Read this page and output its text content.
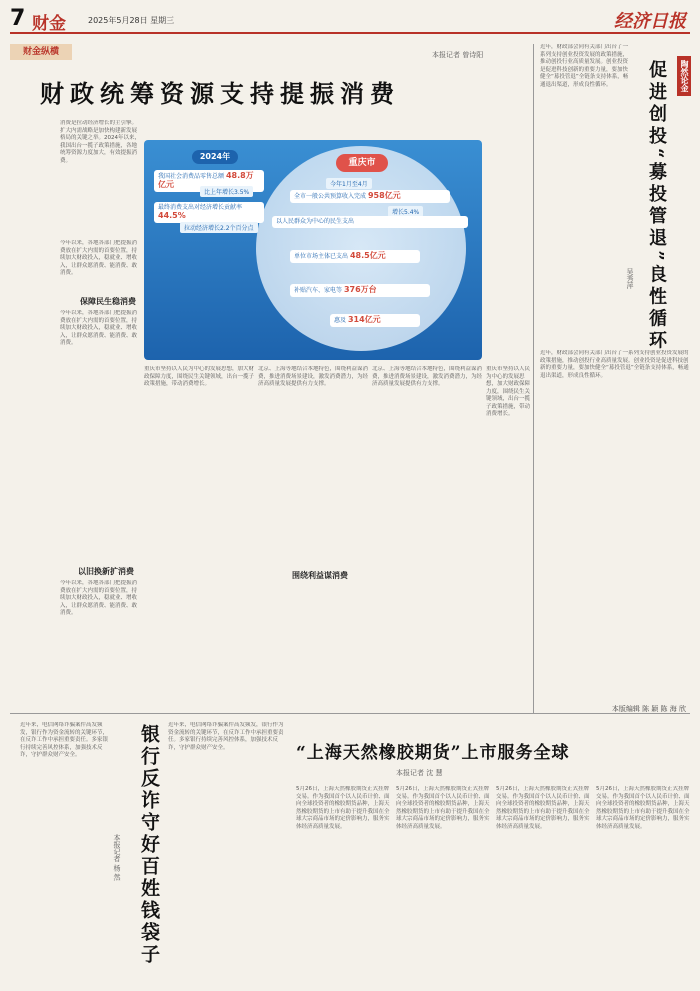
7 财金	2025年5月28日 星期三	经济日报
财金纵横	本报记者 曾诗阳
财政统筹资源支持提振消费

消费是拉动经济增长的主引擎。扩大内需战略是加快构建新发展格局的关键之举。2024年以来，我国出台一揽子政策措施，各地统筹资源力度加大，有效提振消费。	2024年
重庆市
我国社会消费品零售总额 48.8万亿元
比上年增长3.5%
最终消费支出对经济增长贡献率 44.5%
拉动经济增长2.2个百分点
今年1月至4月
全市一般公共预算收入完成 958亿元
增长5.4%
以人民群众为中心的民生支出
单位市场主体已支出 48.5亿元
补贴汽车、家电等 376万台
惠及 314亿元

今年以来，各地各部门把提振消费放在扩大内需的首要位置，持续加大财政投入，稳就业、增收入，让群众愿消费、能消费、敢消费。

保障民生稳消费

今年以来，各地各部门把提振消费放在扩大内需的首要位置，持续加大财政投入，稳就业、增收入，让群众愿消费、能消费、敢消费。

以旧换新扩消费

今年以来，各地各部门把提振消费放在扩大内需的首要位置，持续加大财政投入，稳就业、增收入，让群众愿消费、能消费、敢消费。

重庆市坚持以人民为中心的发展思想，加大财政保障力度，围绕民生关键领域，出台一揽子政策措施，带动消费增长。

北京、上海等地结合本地特色，围绕利益谋消费，推进消费场景建设，激发消费潜力，为经济高质量发展提供有力支撑。

围绕利益谋消费

北京、上海等地结合本地特色，围绕利益谋消费，推进消费场景建设，激发消费潜力，为经济高质量发展提供有力支撑。

重庆市坚持以人民为中心的发展思想，加大财政保障力度，围绕民生关键领域，出台一揽子政策措施，带动消费增长。

陶然论金
促进创投“募投管退”良性循环
吴秀萍

近年，财政部会同有关部门出台了一系列支持创业投资发展的政策措施，推动创投行业高质量发展。创业投资是促进科技创新的重要力量，要加快健全“募投管退”全链条支持体系，畅通退出渠道，形成良性循环。

近年，财政部会同有关部门出台了一系列支持创业投资发展的政策措施，推动创投行业高质量发展。创业投资是促进科技创新的重要力量，要加快健全“募投管退”全链条支持体系，畅通退出渠道，形成良性循环。

本版编辑 陈 颖 陈 海 欣

近年来，电信网络诈骗案件高发频发，银行作为资金流转的关键环节，在反诈工作中承担重要责任。多家银行持续完善风控体系，加强技术反诈，守护群众财产安全。	银行反诈守好百姓钱袋子
本报记者 杨 然

近年来，电信网络诈骗案件高发频发，银行作为资金流转的关键环节，在反诈工作中承担重要责任。多家银行持续完善风控体系，加强技术反诈，守护群众财产安全。	“上海天然橡胶期货”上市服务全球
本报记者 沈 慧

5月26日，上海天然橡胶期货正式挂牌交易。作为我国首个以人民币计价、面向全球投资者的橡胶期货品种，上海天然橡胶期货的上市有助于提升我国在全球大宗商品市场的定价影响力，服务实体经济高质量发展。

5月26日，上海天然橡胶期货正式挂牌交易。作为我国首个以人民币计价、面向全球投资者的橡胶期货品种，上海天然橡胶期货的上市有助于提升我国在全球大宗商品市场的定价影响力，服务实体经济高质量发展。

5月26日，上海天然橡胶期货正式挂牌交易。作为我国首个以人民币计价、面向全球投资者的橡胶期货品种，上海天然橡胶期货的上市有助于提升我国在全球大宗商品市场的定价影响力，服务实体经济高质量发展。

5月26日，上海天然橡胶期货正式挂牌交易。作为我国首个以人民币计价、面向全球投资者的橡胶期货品种，上海天然橡胶期货的上市有助于提升我国在全球大宗商品市场的定价影响力，服务实体经济高质量发展。
